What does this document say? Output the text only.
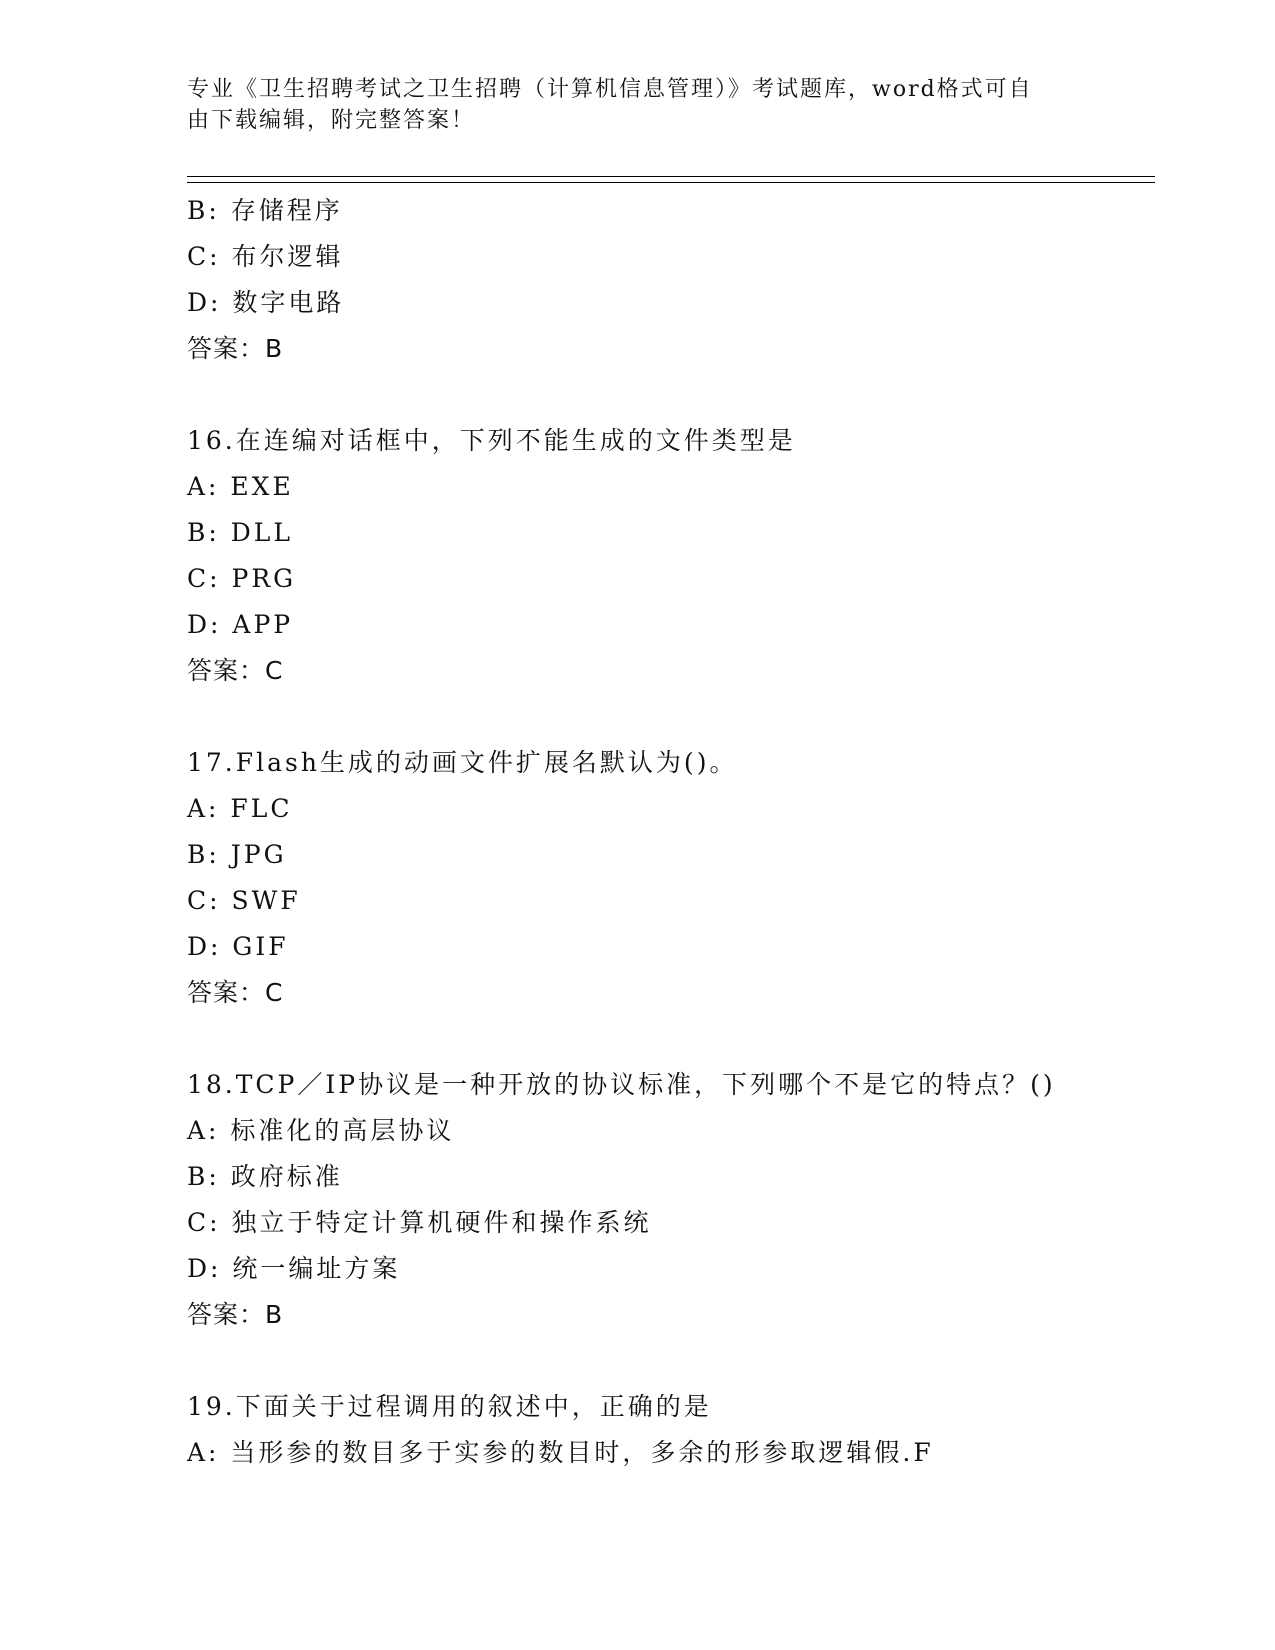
专业《卫生招聘考试之卫生招聘（计算机信息管理）》考试题库，word格式可自
由下载编辑，附完整答案！
B: 存储程序
C: 布尔逻辑
D: 数字电路
答案：B
16.在连编对话框中，下列不能生成的文件类型是
A: EXE
B: DLL
C: PRG
D: APP
答案：C
17.Flash生成的动画文件扩展名默认为()。
A: FLC
B: JPG
C: SWF
D: GIF
答案：C
18.TCP／IP协议是一种开放的协议标准，下列哪个不是它的特点？()
A: 标准化的高层协议
B: 政府标准
C: 独立于特定计算机硬件和操作系统
D: 统一编址方案
答案：B
19.下面关于过程调用的叙述中，正确的是
A: 当形参的数目多于实参的数目时，多余的形参取逻辑假.F
